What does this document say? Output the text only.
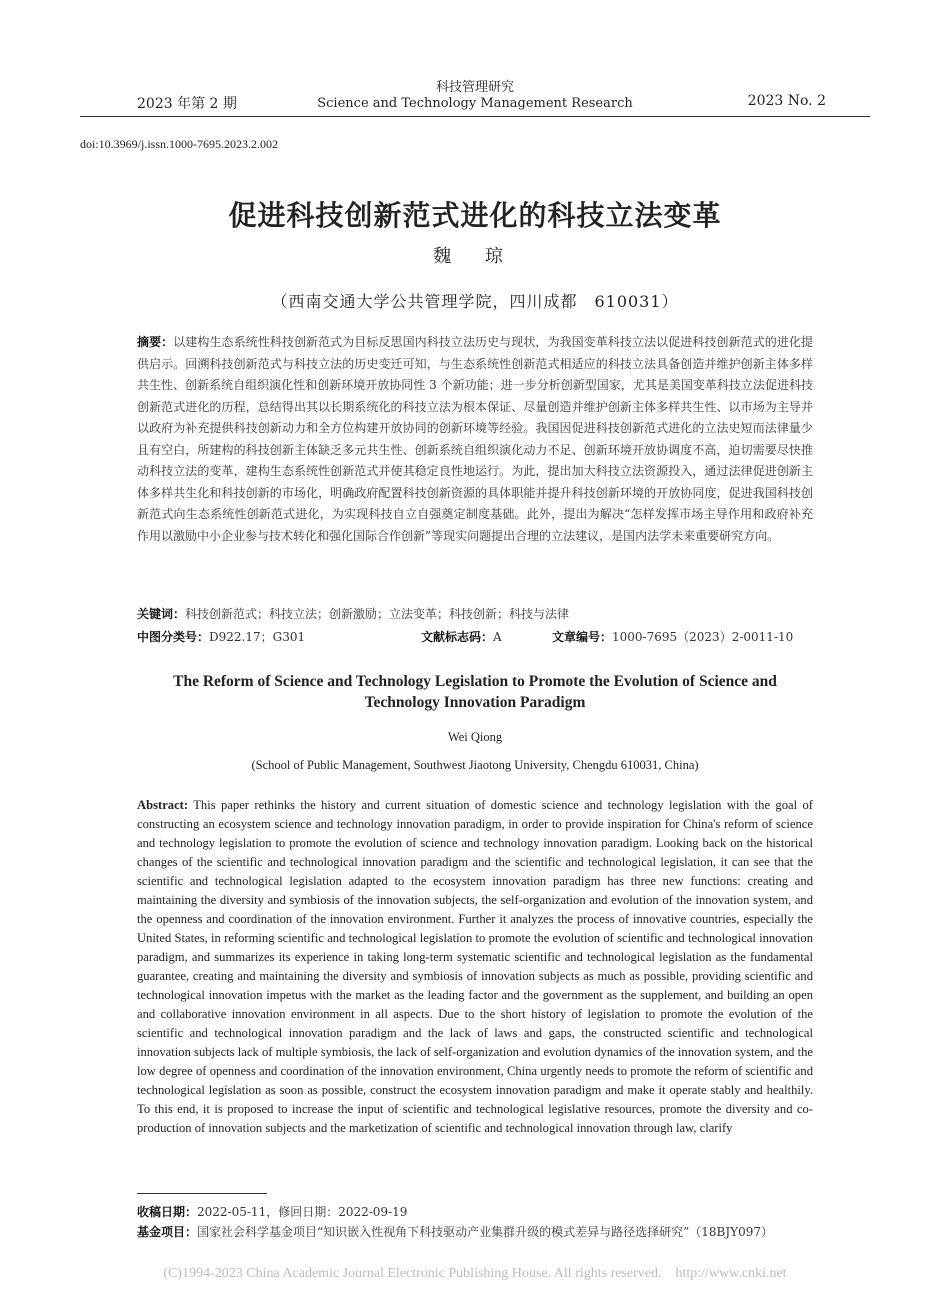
2023 年第 2 期
科技管理研究
Science and Technology Management Research	2023 No. 2
doi:10.3969/j.issn.1000-7695.2023.2.002
促进科技创新范式进化的科技立法变革
魏 琼
（西南交通大学公共管理学院，四川成都　610031）
摘要：以建构生态系统性科技创新范式为目标反思国内科技立法历史与现状，为我国变革科技立法以促进科技创新范式的进化提供启示。回溯科技创新范式与科技立法的历史变迁可知，与生态系统性创新范式相适应的科技立法具备创造并维护创新主体多样共生性、创新系统自组织演化性和创新环境开放协同性 3 个新功能；进一步分析创新型国家，尤其是美国变革科技立法促进科技创新范式进化的历程，总结得出其以长期系统化的科技立法为根本保证、尽量创造并维护创新主体多样共生性、以市场为主导并以政府为补充提供科技创新动力和全方位构建开放协同的创新环境等经验。我国因促进科技创新范式进化的立法史短而法律量少且有空白，所建构的科技创新主体缺乏多元共生性、创新系统自组织演化动力不足、创新环境开放协调度不高，迫切需要尽快推动科技立法的变革，建构生态系统性创新范式并使其稳定良性地运行。为此，提出加大科技立法资源投入，通过法律促进创新主体多样共生化和科技创新的市场化，明确政府配置科技创新资源的具体职能并提升科技创新环境的开放协同度，促进我国科技创新范式向生态系统性创新范式进化，为实现科技自立自强奠定制度基础。此外，提出为解决“怎样发挥市场主导作用和政府补充作用以激励中小企业参与技术转化和强化国际合作创新”等现实问题提出合理的立法建议，是国内法学未来重要研究方向。
关键词：科技创新范式；科技立法；创新激励；立法变革；科技创新；科技与法律
中图分类号：D922.17；G301	文献标志码：A	文章编号：1000-7695（2023）2-0011-10
The Reform of Science and Technology Legislation to Promote the Evolution of Science and Technology Innovation Paradigm
Wei Qiong
(School of Public Management, Southwest Jiaotong University, Chengdu 610031, China)
Abstract: This paper rethinks the history and current situation of domestic science and technology legislation with the goal of constructing an ecosystem science and technology innovation paradigm, in order to provide inspiration for China's reform of science and technology legislation to promote the evolution of science and technology innovation paradigm. Looking back on the historical changes of the scientific and technological innovation paradigm and the scientific and technological legislation, it can see that the scientific and technological legislation adapted to the ecosystem innovation paradigm has three new functions: creating and maintaining the diversity and symbiosis of the innovation subjects, the self-organization and evolution of the innovation system, and the openness and coordination of the innovation environment. Further it analyzes the process of innovative countries, especially the United States, in reforming scientific and technological legislation to promote the evolution of scientific and technological innovation paradigm, and summarizes its experience in taking long-term systematic scientific and technological legislation as the fundamental guarantee, creating and maintaining the diversity and symbiosis of innovation subjects as much as possible, providing scientific and technological innovation impetus with the market as the leading factor and the government as the supplement, and building an open and collaborative innovation environment in all aspects. Due to the short history of legislation to promote the evolution of the scientific and technological innovation paradigm and the lack of laws and gaps, the constructed scientific and technological innovation subjects lack of multiple symbiosis, the lack of self-organization and evolution dynamics of the innovation system, and the low degree of openness and coordination of the innovation environment, China urgently needs to promote the reform of scientific and technological legislation as soon as possible, construct the ecosystem innovation paradigm and make it operate stably and healthily. To this end, it is proposed to increase the input of scientific and technological legislative resources, promote the diversity and co-production of innovation subjects and the marketization of scientific and technological innovation through law, clarify
收稿日期：2022-05-11，修回日期：2022-09-19
基金项目：国家社会科学基金项目“知识嵌入性视角下科技驱动产业集群升级的模式差异与路径选择研究”（18BJY097）
(C)1994-2023 China Academic Journal Electronic Publishing House. All rights reserved.    http://www.cnki.net
